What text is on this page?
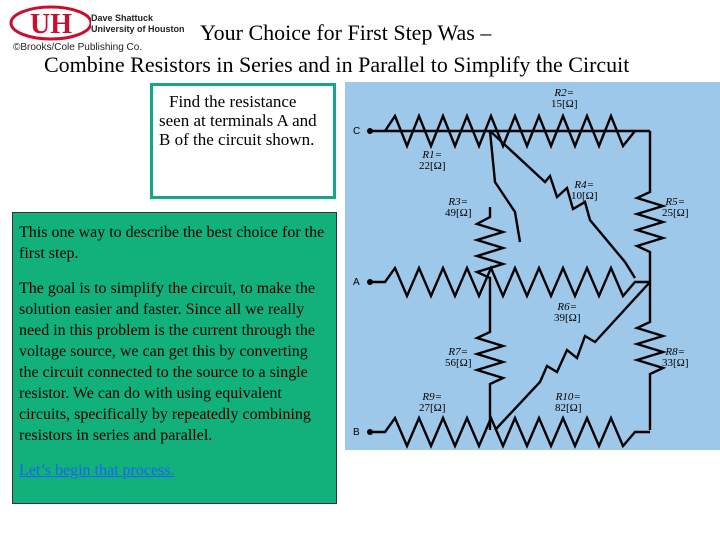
UH Dave Shattuck
University of Houston
©Brooks/Cole Publishing Co.
Your Choice for First Step Was –
Combine Resistors in Series and in Parallel to Simplify the Circuit
Find the resistance seen at terminals A and B of the circuit shown.

This one way to describe the best choice for the first step.

The goal is to simplify the circuit, to make the solution easier and faster. Since all we really need in this problem is the current through the voltage source, we can get this by converting the circuit connected to the source to a single resistor. We can do with using equivalent circuits, specifically by repeatedly combining resistors in series and parallel.

Let’s begin that process.

C
A
B
R2=
15[Ω]
R1=
22[Ω]
R4=
10[Ω]
R3=
49[Ω]
R5=
25[Ω]
R6=
39[Ω]
R7=
56[Ω]
R8=
33[Ω]
R9=
27[Ω]
R10=
82[Ω]
